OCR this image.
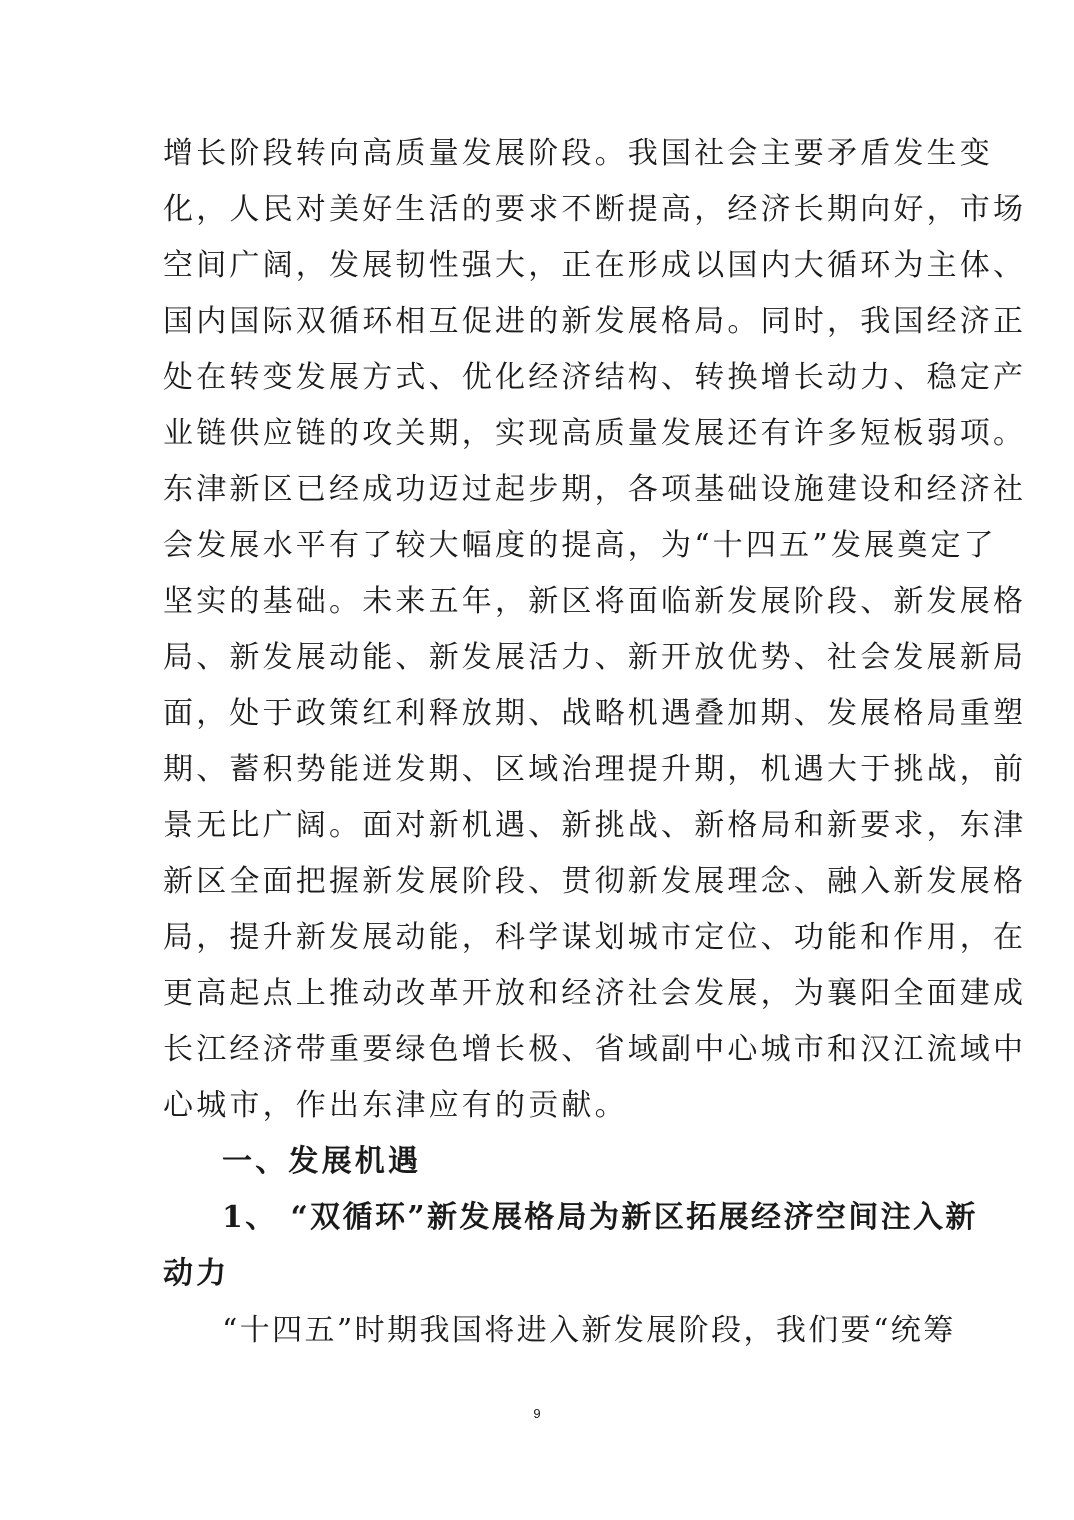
增长阶段转向高质量发展阶段。我国社会主要矛盾发生变
化，人民对美好生活的要求不断提高，经济长期向好，市场
空间广阔，发展韧性强大，正在形成以国内大循环为主体、
国内国际双循环相互促进的新发展格局。同时，我国经济正
处在转变发展方式、优化经济结构、转换增长动力、稳定产
业链供应链的攻关期，实现高质量发展还有许多短板弱项。
东津新区已经成功迈过起步期，各项基础设施建设和经济社
会发展水平有了较大幅度的提高，为“十四五”发展奠定了
坚实的基础。未来五年，新区将面临新发展阶段、新发展格
局、新发展动能、新发展活力、新开放优势、社会发展新局
面，处于政策红利释放期、战略机遇叠加期、发展格局重塑
期、蓄积势能迸发期、区域治理提升期，机遇大于挑战，前
景无比广阔。面对新机遇、新挑战、新格局和新要求，东津
新区全面把握新发展阶段、贯彻新发展理念、融入新发展格
局，提升新发展动能，科学谋划城市定位、功能和作用，在
更高起点上推动改革开放和经济社会发展，为襄阳全面建成
长江经济带重要绿色增长极、省域副中心城市和汉江流域中
心城市，作出东津应有的贡献。
一、发展机遇
1、 “双循环”新发展格局为新区拓展经济空间注入新
动力
“十四五”时期我国将进入新发展阶段，我们要“统筹
9
